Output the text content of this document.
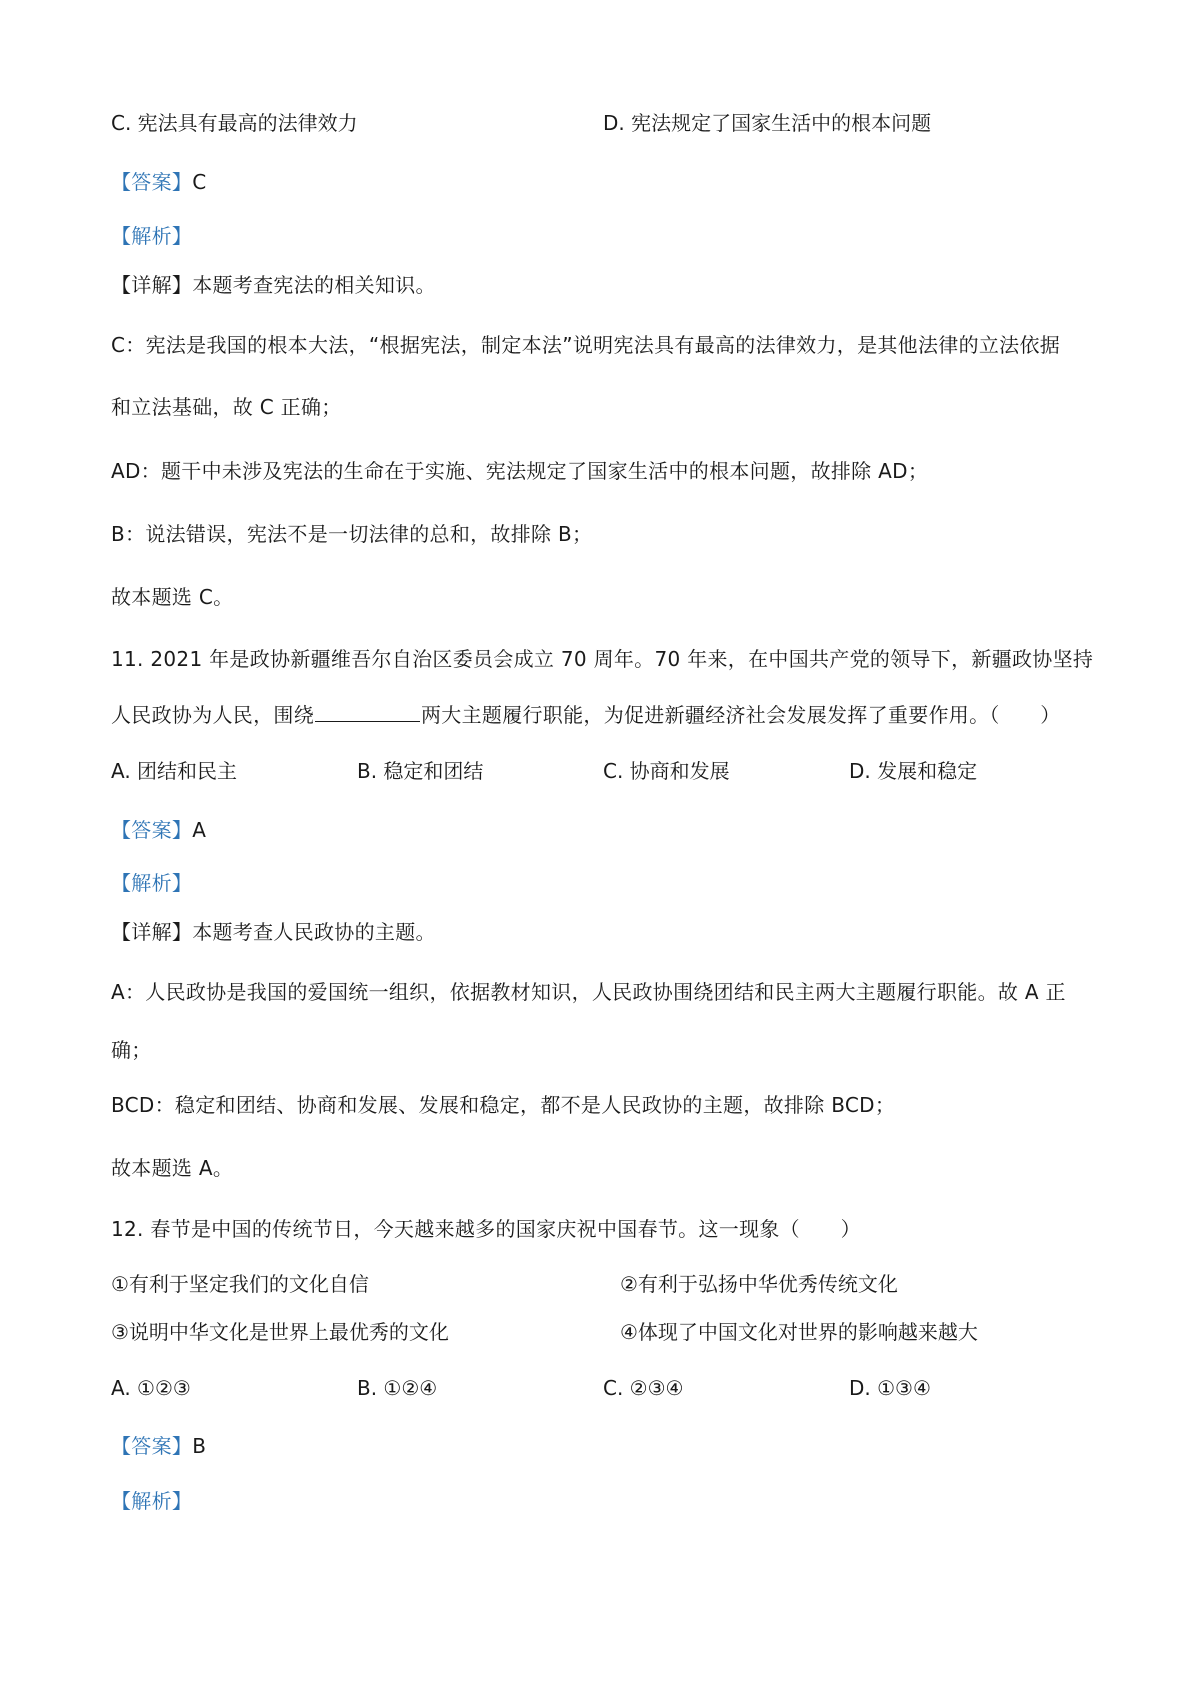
C. 宪法具有最高的法律效力	D. 宪法规定了国家生活中的根本问题
【答案】C
【解析】
【详解】本题考查宪法的相关知识。
C：宪法是我国的根本大法，“根据宪法，制定本法”说明宪法具有最高的法律效力，是其他法律的立法依据
和立法基础，故 C 正确；
AD：题干中未涉及宪法的生命在于实施、宪法规定了国家生活中的根本问题，故排除 AD；
B：说法错误，宪法不是一切法律的总和，故排除 B；
故本题选 C。
11. 2021 年是政协新疆维吾尔自治区委员会成立 70 周年。70 年来，在中国共产党的领导下，新疆政协坚持
人民政协为人民，围绕	两大主题履行职能，为促进新疆经济社会发展发挥了重要作用。（　　）
A. 团结和民主	B. 稳定和团结	C. 协商和发展	D. 发展和稳定
【答案】A
【解析】
【详解】本题考查人民政协的主题。
A：人民政协是我国的爱国统一组织，依据教材知识，人民政协围绕团结和民主两大主题履行职能。故 A 正
确；
BCD：稳定和团结、协商和发展、发展和稳定，都不是人民政协的主题，故排除 BCD；
故本题选 A。
12. 春节是中国的传统节日，今天越来越多的国家庆祝中国春节。这一现象（　　）
①有利于坚定我们的文化自信	②有利于弘扬中华优秀传统文化
③说明中华文化是世界上最优秀的文化	④体现了中国文化对世界的影响越来越大
A. ①②③	B. ①②④	C. ②③④	D. ①③④
【答案】B
【解析】
